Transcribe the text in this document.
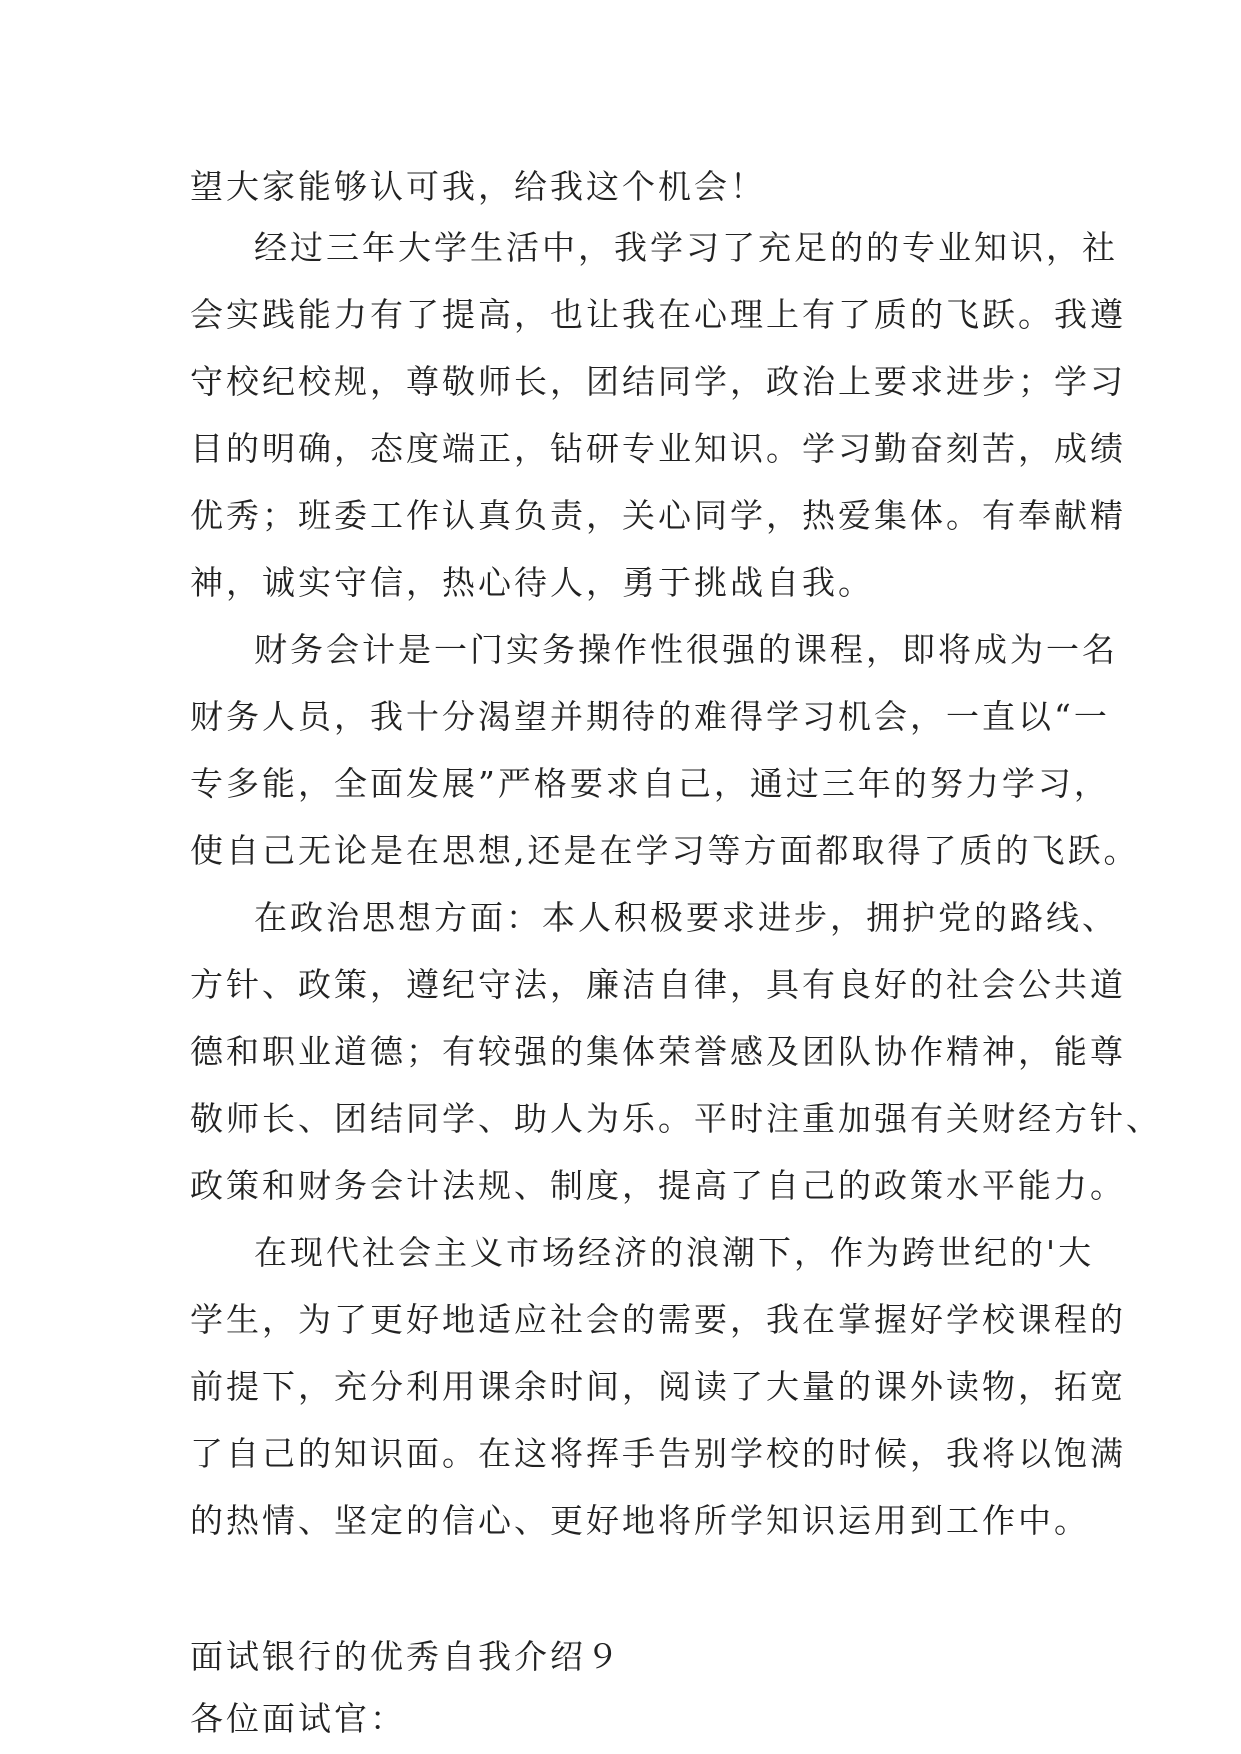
望大家能够认可我，给我这个机会！
经过三年大学生活中，我学习了充足的的专业知识，社
会实践能力有了提高，也让我在心理上有了质的飞跃。我遵
守校纪校规，尊敬师长，团结同学，政治上要求进步；学习
目的明确，态度端正，钻研专业知识。学习勤奋刻苦，成绩
优秀；班委工作认真负责，关心同学，热爱集体。有奉献精
神，诚实守信，热心待人，勇于挑战自我。
财务会计是一门实务操作性很强的课程，即将成为一名
财务人员，我十分渴望并期待的难得学习机会，一直以“一
专多能，全面发展”严格要求自己，通过三年的努力学习，
使自己无论是在思想,还是在学习等方面都取得了质的飞跃。
在政治思想方面：本人积极要求进步，拥护党的路线、
方针、政策，遵纪守法，廉洁自律，具有良好的社会公共道
德和职业道德；有较强的集体荣誉感及团队协作精神，能尊
敬师长、团结同学、助人为乐。平时注重加强有关财经方针、
政策和财务会计法规、制度，提高了自己的政策水平能力。
在现代社会主义市场经济的浪潮下，作为跨世纪的'大
学生，为了更好地适应社会的需要，我在掌握好学校课程的
前提下，充分利用课余时间，阅读了大量的课外读物，拓宽
了自己的知识面。在这将挥手告别学校的时候，我将以饱满
的热情、坚定的信心、更好地将所学知识运用到工作中。
面试银行的优秀自我介绍９
各位面试官：
